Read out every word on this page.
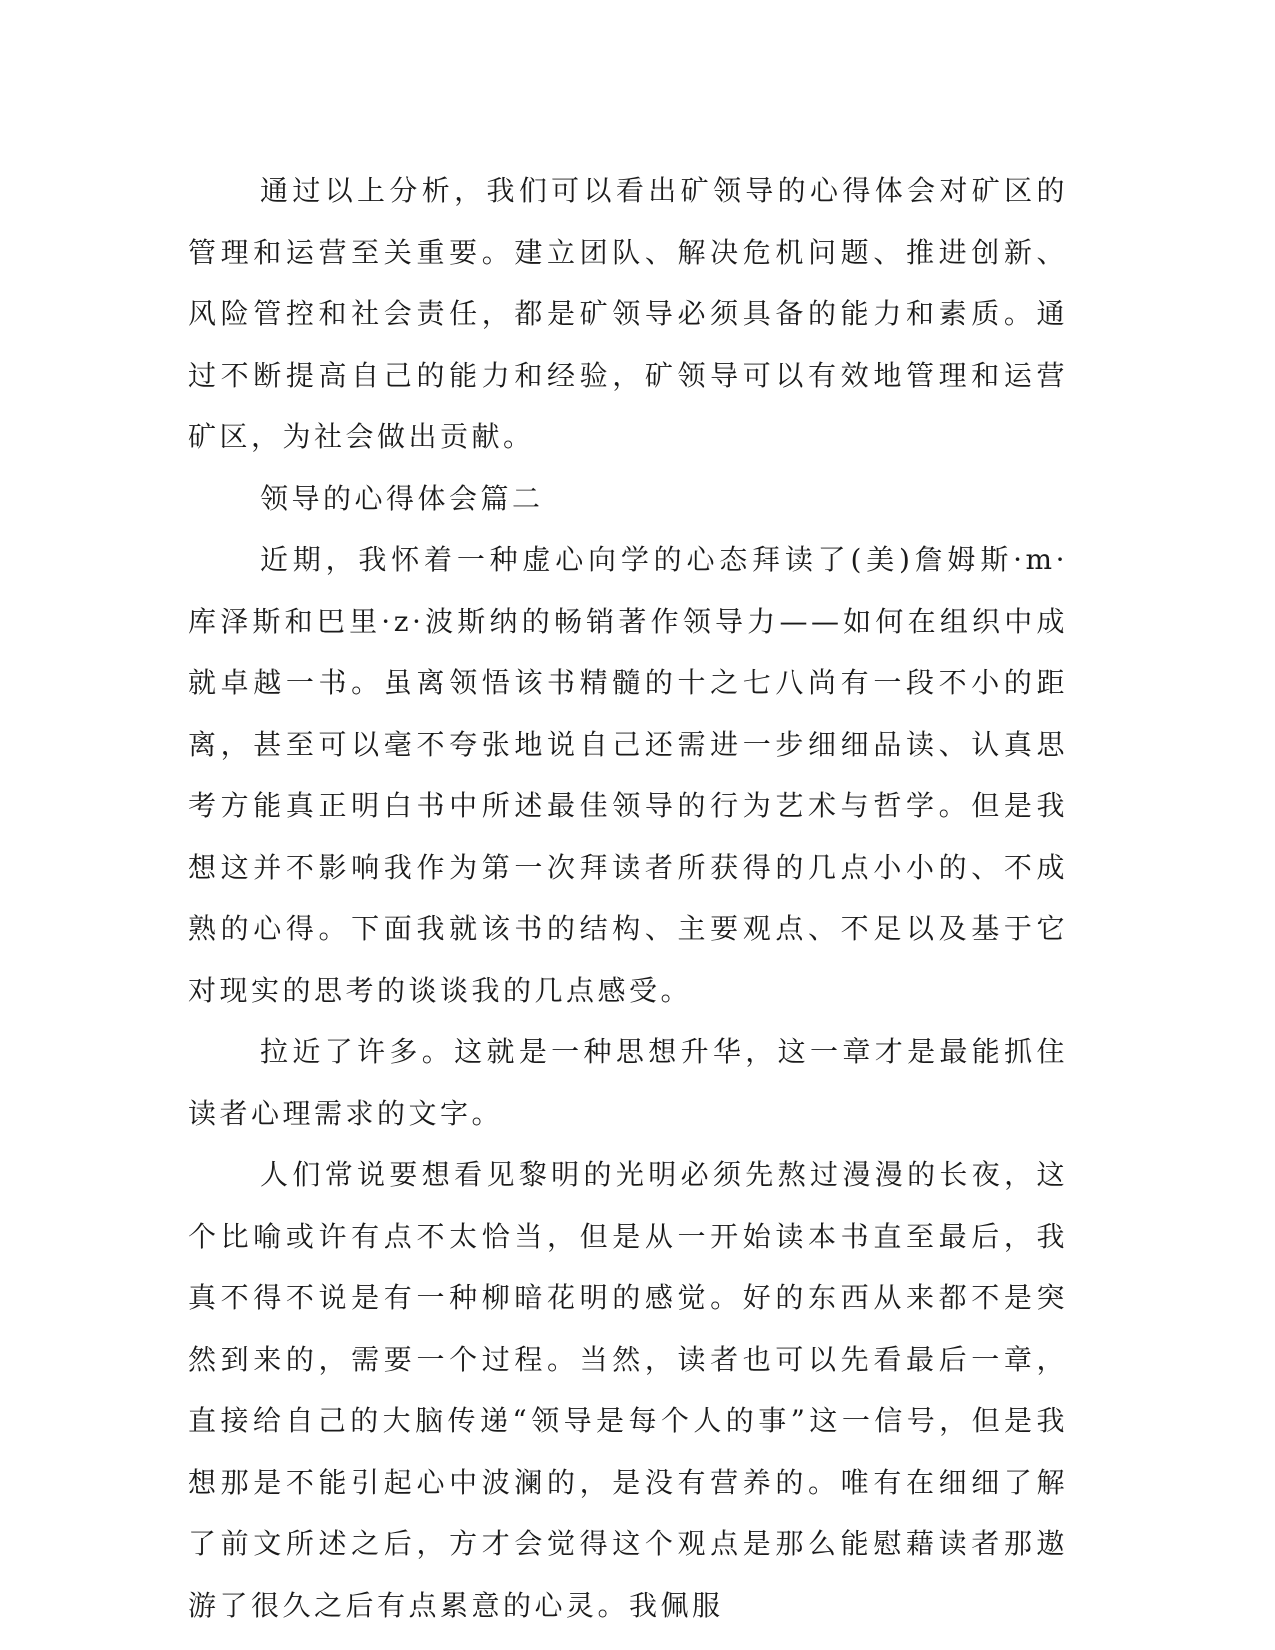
通过以上分析，我们可以看出矿领导的心得体会对矿区的管理和运营至关重要。建立团队、解决危机问题、推进创新、风险管控和社会责任，都是矿领导必须具备的能力和素质。通过不断提高自己的能力和经验，矿领导可以有效地管理和运营矿区，为社会做出贡献。

领导的心得体会篇二

近期，我怀着一种虚心向学的心态拜读了(美)詹姆斯·m·库泽斯和巴里·z·波斯纳的畅销著作领导力——如何在组织中成就卓越一书。虽离领悟该书精髓的十之七八尚有一段不小的距离，甚至可以毫不夸张地说自己还需进一步细细品读、认真思考方能真正明白书中所述最佳领导的行为艺术与哲学。但是我想这并不影响我作为第一次拜读者所获得的几点小小的、不成熟的心得。下面我就该书的结构、主要观点、不足以及基于它对现实的思考的谈谈我的几点感受。

拉近了许多。这就是一种思想升华，这一章才是最能抓住读者心理需求的文字。

人们常说要想看见黎明的光明必须先熬过漫漫的长夜，这个比喻或许有点不太恰当，但是从一开始读本书直至最后，我真不得不说是有一种柳暗花明的感觉。好的东西从来都不是突然到来的，需要一个过程。当然，读者也可以先看最后一章，直接给自己的大脑传递“领导是每个人的事”这一信号，但是我想那是不能引起心中波澜的，是没有营养的。唯有在细细了解了前文所述之后，方才会觉得这个观点是那么能慰藉读者那遨游了很久之后有点累意的心灵。我佩服
